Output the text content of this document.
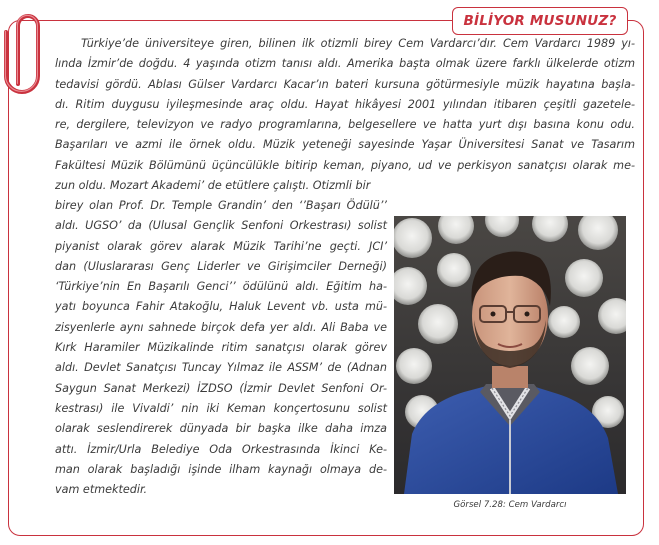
BİLİYOR MUSUNUZ?
Türkiye’de üniversiteye giren, bilinen ilk otizmli birey Cem Vardarcı’dır. Cem Vardarcı 1989 yı-
lında İzmir’de doğdu. 4 yaşında otizm tanısı aldı. Amerika başta olmak üzere farklı ülkelerde otizm
tedavisi gördü. Ablası Gülser Vardarcı Kacar’ın bateri kursuna götürmesiyle müzik hayatına başla-
dı. Ritim duygusu iyileşmesinde araç oldu. Hayat hikâyesi 2001 yılından itibaren çeşitli gazetele-
re, dergilere, televizyon ve radyo programlarına, belgesellere ve hatta yurt dışı basına konu odu.
Başarıları ve azmi ile örnek oldu. Müzik yeteneği sayesinde Yaşar Üniversitesi Sanat ve Tasarım
Fakültesi Müzik Bölümünü üçüncülükle bitirip keman, piyano, ud ve perkisyon sanatçısı olarak me-
zun oldu. Mozart Akademi’ de etütlere çalıştı. Otizmli bir
birey olan Prof. Dr. Temple Grandin’ den ‘’Başarı Ödülü’’
aldı. UGSO’ da (Ulusal Gençlik Senfoni Orkestrası) solist
piyanist olarak görev alarak Müzik Tarihi’ne geçti. JCI’
dan (Uluslararası Genç Liderler ve Girişimciler Derneği)
‘Türkiye’nin En Başarılı Genci’’ ödülünü aldı. Eğitim ha-
yatı boyunca Fahir Atakoğlu, Haluk Levent vb. usta mü-
zisyenlerle aynı sahnede birçok defa yer aldı. Ali Baba ve
Kırk Haramiler Müzikalinde ritim sanatçısı olarak görev
aldı. Devlet Sanatçısı Tuncay Yılmaz ile ASSM’ de (Adnan
Saygun Sanat Merkezi) İZDSO (İzmir Devlet Senfoni Or-
kestrası) ile Vivaldi’ nin iki Keman konçertosunu solist
olarak seslendirerek dünyada bir başka ilke daha imza
attı. İzmir/Urla Belediye Oda Orkestrasında İkinci Ke-
man olarak başladığı işinde ilham kaynağı olmaya de-
vam etmektedir.
Görsel 7.28: Cem Vardarcı
